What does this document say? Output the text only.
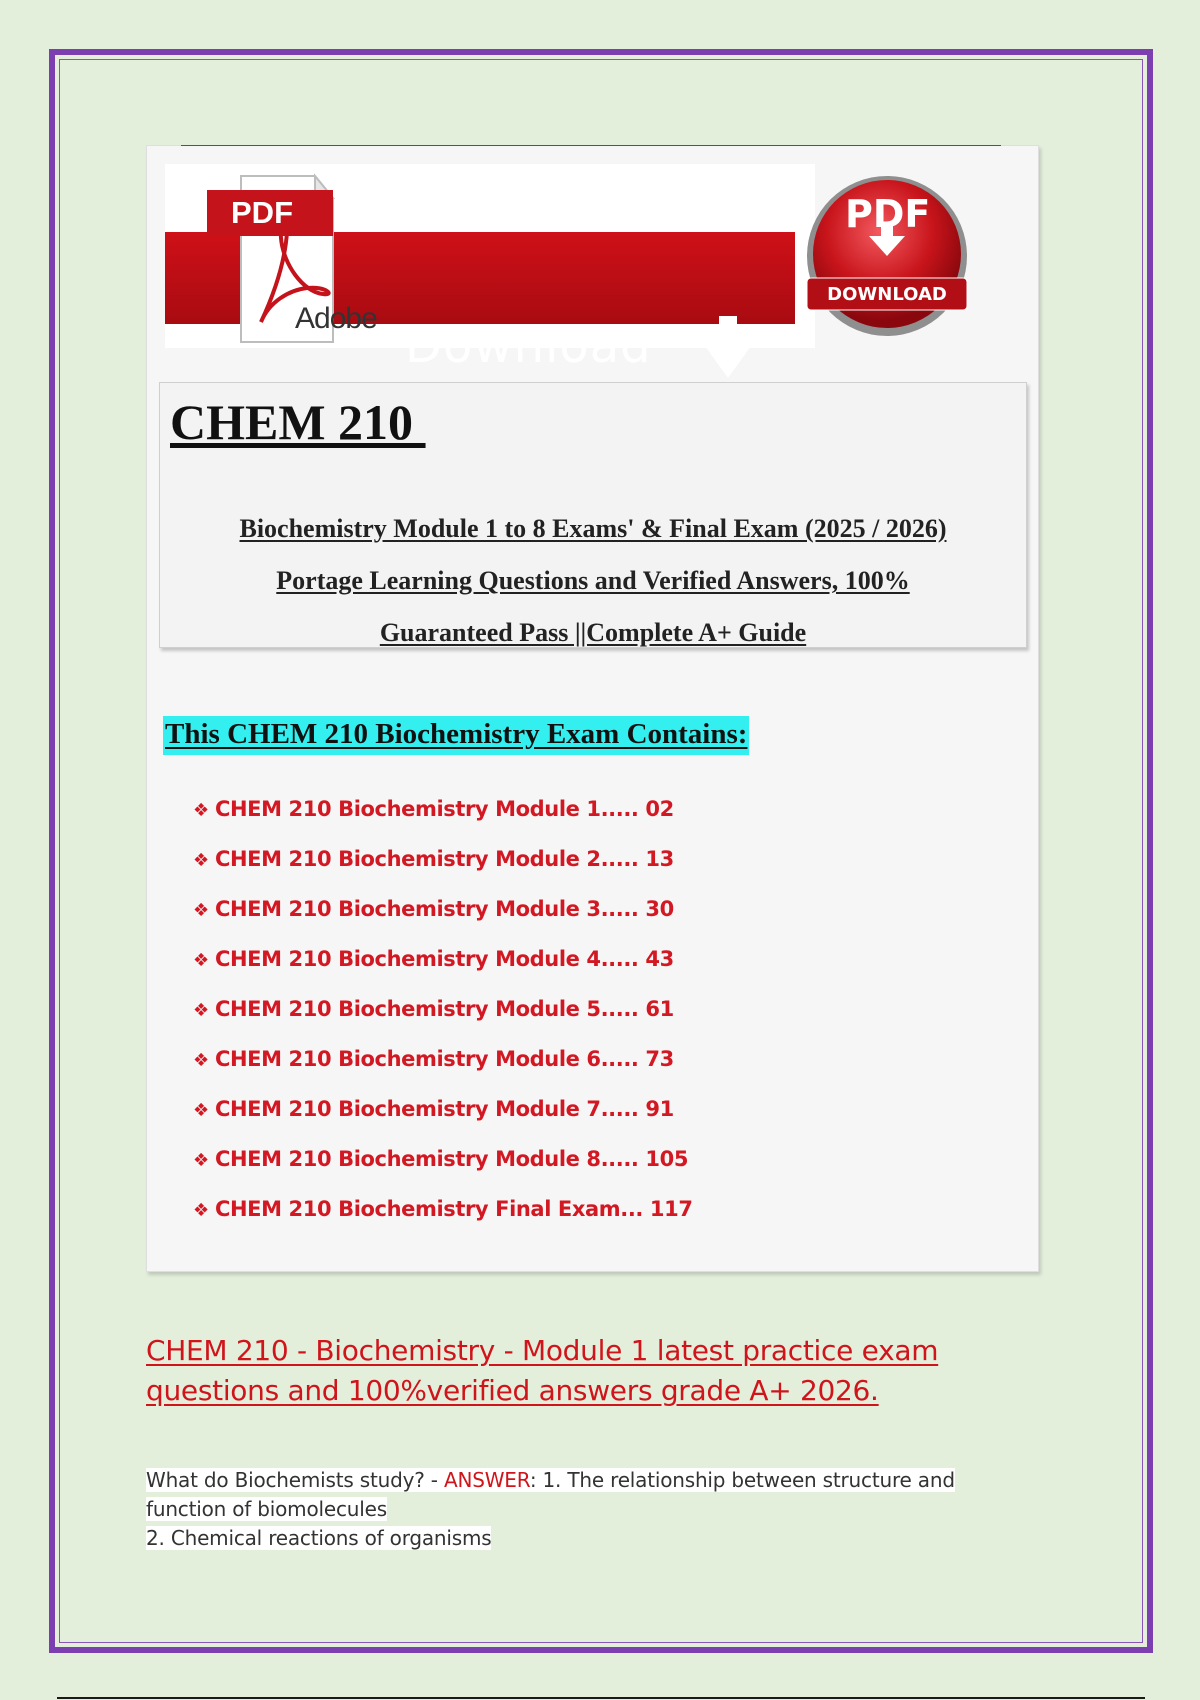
Download
PDF
Adobe
PDF
DOWNLOAD
CHEM 210
Biochemistry Module 1 to 8 Exams' & Final Exam (2025 / 2026)
Portage Learning Questions and Verified Answers, 100%
Guaranteed Pass ||Complete A+ Guide
This CHEM 210 Biochemistry Exam Contains:
❖ CHEM 210 Biochemistry Module 1..... 02
❖ CHEM 210 Biochemistry Module 2..... 13
❖ CHEM 210 Biochemistry Module 3..... 30
❖ CHEM 210 Biochemistry Module 4..... 43
❖ CHEM 210 Biochemistry Module 5..... 61
❖ CHEM 210 Biochemistry Module 6..... 73
❖ CHEM 210 Biochemistry Module 7..... 91
❖ CHEM 210 Biochemistry Module 8..... 105
❖ CHEM 210 Biochemistry Final Exam... 117
CHEM 210 - Biochemistry - Module 1 latest practice exam
questions and 100%verified answers grade A+ 2026.
What do Biochemists study? - ANSWER: 1. The relationship between structure and
function of biomolecules
2. Chemical reactions of organisms
